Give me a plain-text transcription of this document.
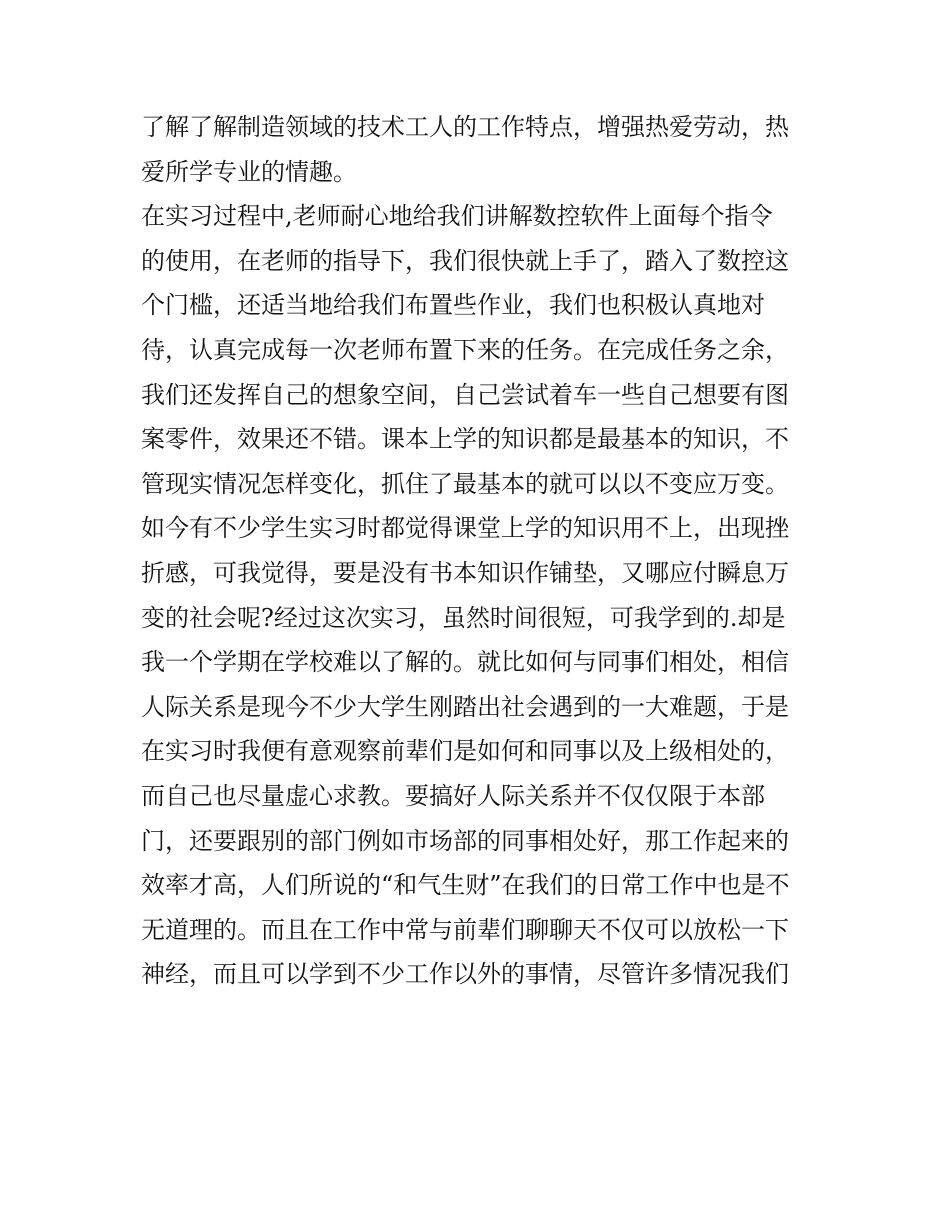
了解了解制造领域的技术工人的工作特点，增强热爱劳动，热
爱所学专业的情趣。
在实习过程中,老师耐心地给我们讲解数控软件上面每个指令
的使用，在老师的指导下，我们很快就上手了，踏入了数控这
个门槛，还适当地给我们布置些作业，我们也积极认真地对
待，认真完成每一次老师布置下来的任务。在完成任务之余，
我们还发挥自己的想象空间，自己尝试着车一些自己想要有图
案零件，效果还不错。课本上学的知识都是最基本的知识，不
管现实情况怎样变化，抓住了最基本的就可以以不变应万变。
如今有不少学生实习时都觉得课堂上学的知识用不上，出现挫
折感，可我觉得，要是没有书本知识作铺垫，又哪应付瞬息万
变的社会呢?经过这次实习，虽然时间很短，可我学到的.却是
我一个学期在学校难以了解的。就比如何与同事们相处，相信
人际关系是现今不少大学生刚踏出社会遇到的一大难题，于是
在实习时我便有意观察前辈们是如何和同事以及上级相处的，
而自己也尽量虚心求教。要搞好人际关系并不仅仅限于本部
门，还要跟别的部门例如市场部的同事相处好，那工作起来的
效率才高，人们所说的“和气生财”在我们的日常工作中也是不
无道理的。而且在工作中常与前辈们聊聊天不仅可以放松一下
神经，而且可以学到不少工作以外的事情，尽管许多情况我们
